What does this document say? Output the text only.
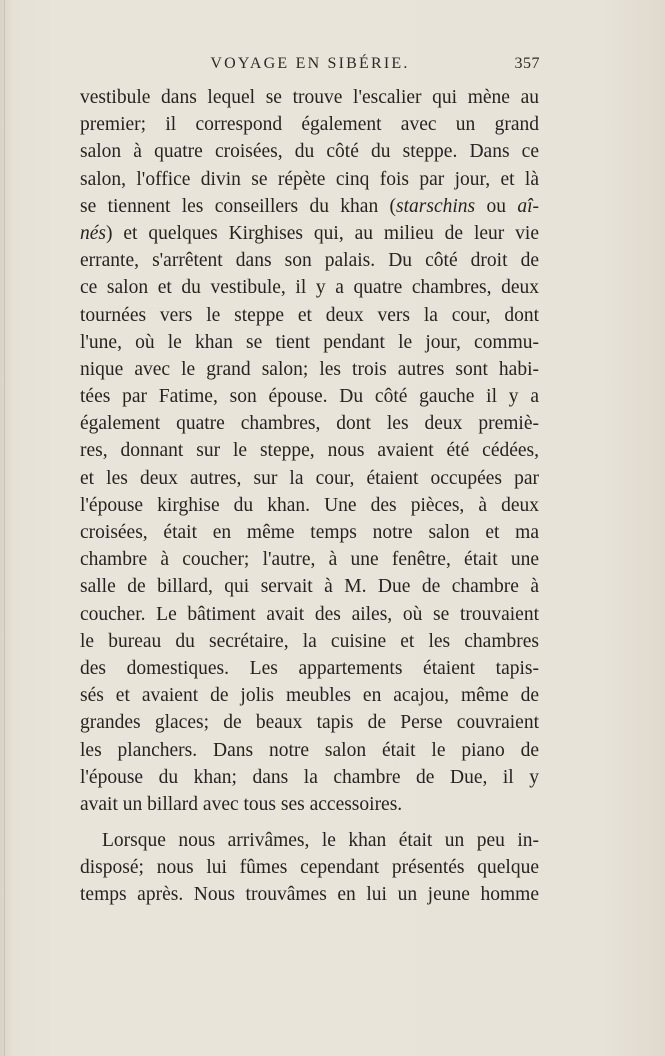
VOYAGE EN SIBÉRIE.	357
vestibule dans lequel se trouve l'escalier qui mène au
premier; il correspond également avec un grand
salon à quatre croisées, du côté du steppe. Dans ce
salon, l'office divin se répète cinq fois par jour, et là
se tiennent les conseillers du khan (starschins ou aî-
nés) et quelques Kirghises qui, au milieu de leur vie
errante, s'arrêtent dans son palais. Du côté droit de
ce salon et du vestibule, il y a quatre chambres, deux
tournées vers le steppe et deux vers la cour, dont
l'une, où le khan se tient pendant le jour, commu-
nique avec le grand salon; les trois autres sont habi-
tées par Fatime, son épouse. Du côté gauche il y a
également quatre chambres, dont les deux premiè-
res, donnant sur le steppe, nous avaient été cédées,
et les deux autres, sur la cour, étaient occupées par
l'épouse kirghise du khan. Une des pièces, à deux
croisées, était en même temps notre salon et ma
chambre à coucher; l'autre, à une fenêtre, était une
salle de billard, qui servait à M. Due de chambre à
coucher. Le bâtiment avait des ailes, où se trouvaient
le bureau du secrétaire, la cuisine et les chambres
des domestiques. Les appartements étaient tapis-
sés et avaient de jolis meubles en acajou, même de
grandes glaces; de beaux tapis de Perse couvraient
les planchers. Dans notre salon était le piano de
l'épouse du khan; dans la chambre de Due, il y
avait un billard avec tous ses accessoires.
Lorsque nous arrivâmes, le khan était un peu in-
disposé; nous lui fûmes cependant présentés quelque
temps après. Nous trouvâmes en lui un jeune homme
